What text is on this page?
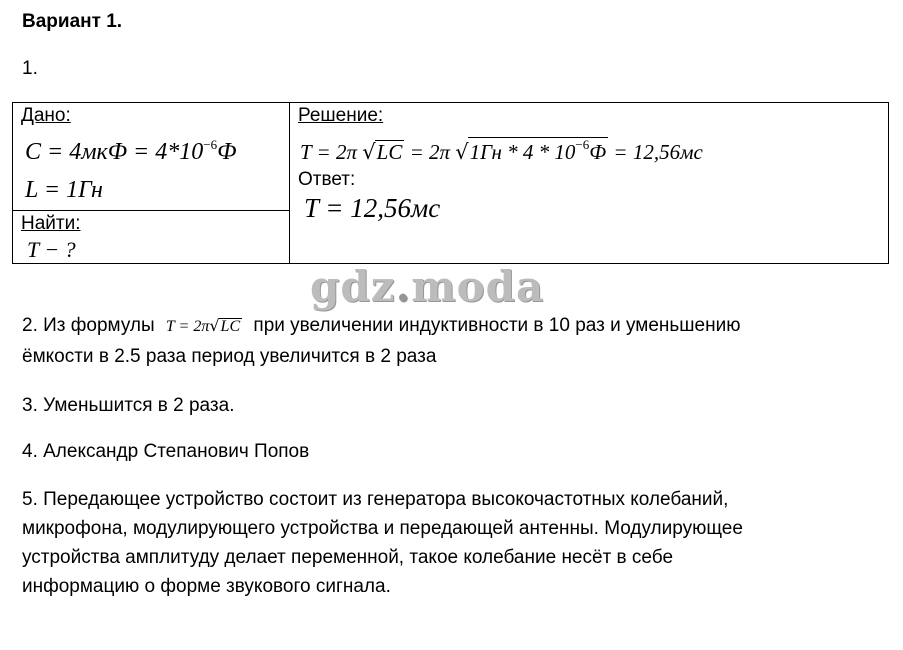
Вариант 1.
1.
Дано:
$C = 4мкФ = 4*10^{-6}Ф$
L = 1Гн

Решение:
T = 2π √LC = 2π $√1Гн * 4 * 10^{-6}Ф = 12,56мс$
Ответ:
T = 12,56мс

Найти:
T − ?
gdz.moda
2. Из формулы T = 2π√LC при увеличении индуктивности в 10 раз и уменьшению
ёмкости в 2.5 раза период увеличится в 2 раза
3. Уменьшится в 2 раза.
4. Александр Степанович Попов
5. Передающее устройство состоит из генератора высокочастотных колебаний,
микрофона, модулирующего устройства и передающей антенны. Модулирующее
устройства амплитуду делает переменной, такое колебание несёт в себе
информацию о форме звукового сигнала.
